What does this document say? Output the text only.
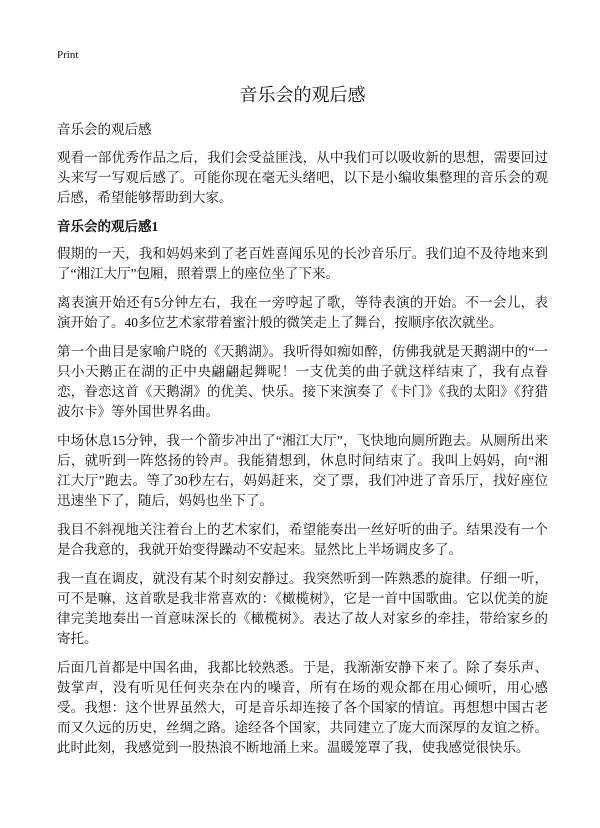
Print
音乐会的观后感
音乐会的观后感

观看一部优秀作品之后，我们会受益匪浅，从中我们可以吸收新的思想，需要回过头来写一写观后感了。可能你现在毫无头绪吧，以下是小编收集整理的音乐会的观后感，希望能够帮助到大家。

音乐会的观后感1

假期的一天，我和妈妈来到了老百姓喜闻乐见的长沙音乐厅。我们迫不及待地来到了“湘江大厅”包厢，照着票上的座位坐了下来。

离表演开始还有5分钟左右，我在一旁哼起了歌，等待表演的开始。不一会儿，表演开始了。40多位艺术家带着蜜汁般的微笑走上了舞台，按顺序依次就坐。

第一个曲目是家喻户晓的《天鹅湖》。我听得如痴如醉，仿佛我就是天鹅湖中的“一只小天鹅正在湖的正中央翩翩起舞呢！一支优美的曲子就这样结束了，我有点眷恋，眷恋这首《天鹅湖》的优美、快乐。接下来演奏了《卡门》《我的太阳》《狩猎波尔卡》等外国世界名曲。

中场休息15分钟，我一个箭步冲出了“湘江大厅”，飞快地向厕所跑去。从厕所出来后，就听到一阵悠扬的铃声。我能猜想到，休息时间结束了。我叫上妈妈，向“湘江大厅”跑去。等了30秒左右，妈妈赶来，交了票，我们冲进了音乐厅，找好座位迅速坐下了，随后，妈妈也坐下了。

我目不斜视地关注着台上的艺术家们，希望能奏出一丝好听的曲子。结果没有一个是合我意的，我就开始变得躁动不安起来。显然比上半场调皮多了。

我一直在调皮，就没有某个时刻安静过。我突然听到一阵熟悉的旋律。仔细一听，可不是嘛，这首歌是我非常喜欢的：《橄榄树》，它是一首中国歌曲。它以优美的旋律完美地奏出一首意味深长的《橄榄树》。表达了故人对家乡的牵挂，带给家乡的寄托。

后面几首都是中国名曲，我都比较熟悉。于是，我渐渐安静下来了。除了奏乐声、鼓掌声，没有听见任何夹杂在内的噪音，所有在场的观众都在用心倾听，用心感受。我想：这个世界虽然大，可是音乐却连接了各个国家的情谊。再想想中国古老而又久远的历史，丝绸之路。途经各个国家，共同建立了庞大而深厚的友谊之桥。此时此刻，我感觉到一股热浪不断地涌上来。温暖笼罩了我，使我感觉很快乐。
